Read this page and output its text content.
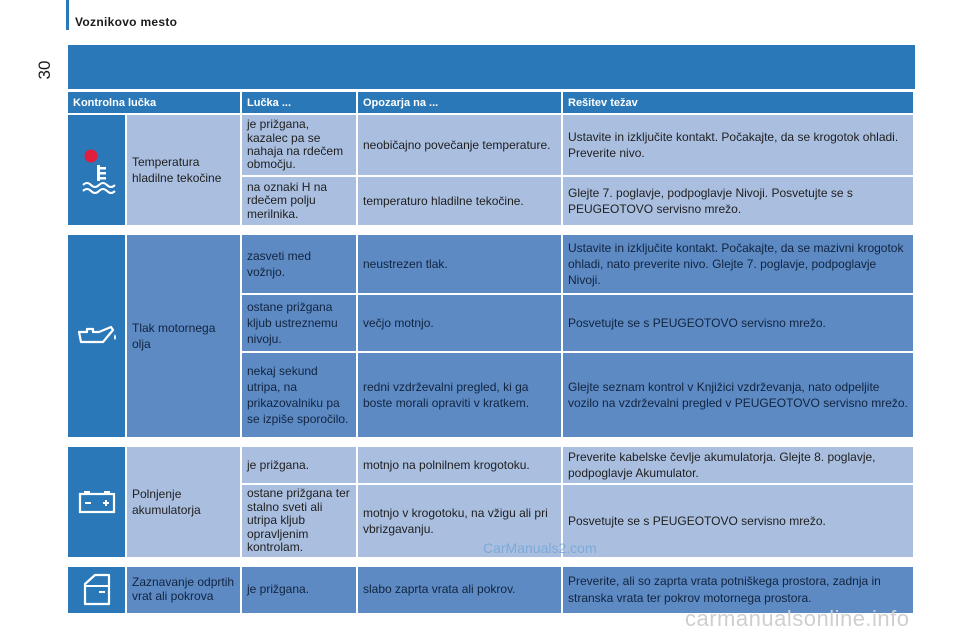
Voznikovo mesto
30
Kontrolna lučka		Lučka ...	Opozarja na ...	Rešitev težav

	Temperatura hladilne tekočine	je prižgana, kazalec pa se nahaja na rdečem območju.	neobičajno povečanje temperature.	Ustavite in izključite kontakt. Počakajte, da se krogotok ohladi. Preverite nivo.
		na oznaki H na rdečem polju merilnika.	temperaturo hladilne tekočine.	Glejte 7. poglavje, podpoglavje Nivoji. Posvetujte se s PEUGEOTOVO servisno mrežo.

	Tlak motornega olja	zasveti med vožnjo.	neustrezen tlak.	Ustavite in izključite kontakt. Počakajte, da se mazivni krogotok ohladi, nato preverite nivo. Glejte 7. poglavje, podpoglavje Nivoji.
		ostane prižgana kljub ustreznemu nivoju.	večjo motnjo.	Posvetujte se s PEUGEOTOVO servisno mrežo.
		nekaj sekund utripa, na prikazovalniku pa se izpiše sporočilo.	redni vzdrževalni pregled, ki ga boste morali opraviti v kratkem.	Glejte seznam kontrol v Knjižici vzdrževanja, nato odpeljite vozilo na vzdrževalni pregled v PEUGEOTOVO servisno mrežo.

	Polnjenje akumulatorja	je prižgana.	motnjo na polnilnem krogotoku.	Preverite kabelske čevlje akumulatorja. Glejte 8. poglavje, podpoglavje Akumulator.
		ostane prižgana ter stalno sveti ali utripa kljub opravljenim kontrolam.	motnjo v krogotoku, na vžigu ali pri vbrizgavanju.	Posvetujte se s PEUGEOTOVO servisno mrežo.

	Zaznavanje odprtih vrat ali pokrova	je prižgana.	slabo zaprta vrata ali pokrov.	Preverite, ali so zaprta vrata potniškega prostora, zadnja in stranska vrata ter pokrov motornega prostora.
CarManuals2.com
carmanualsonline.info
